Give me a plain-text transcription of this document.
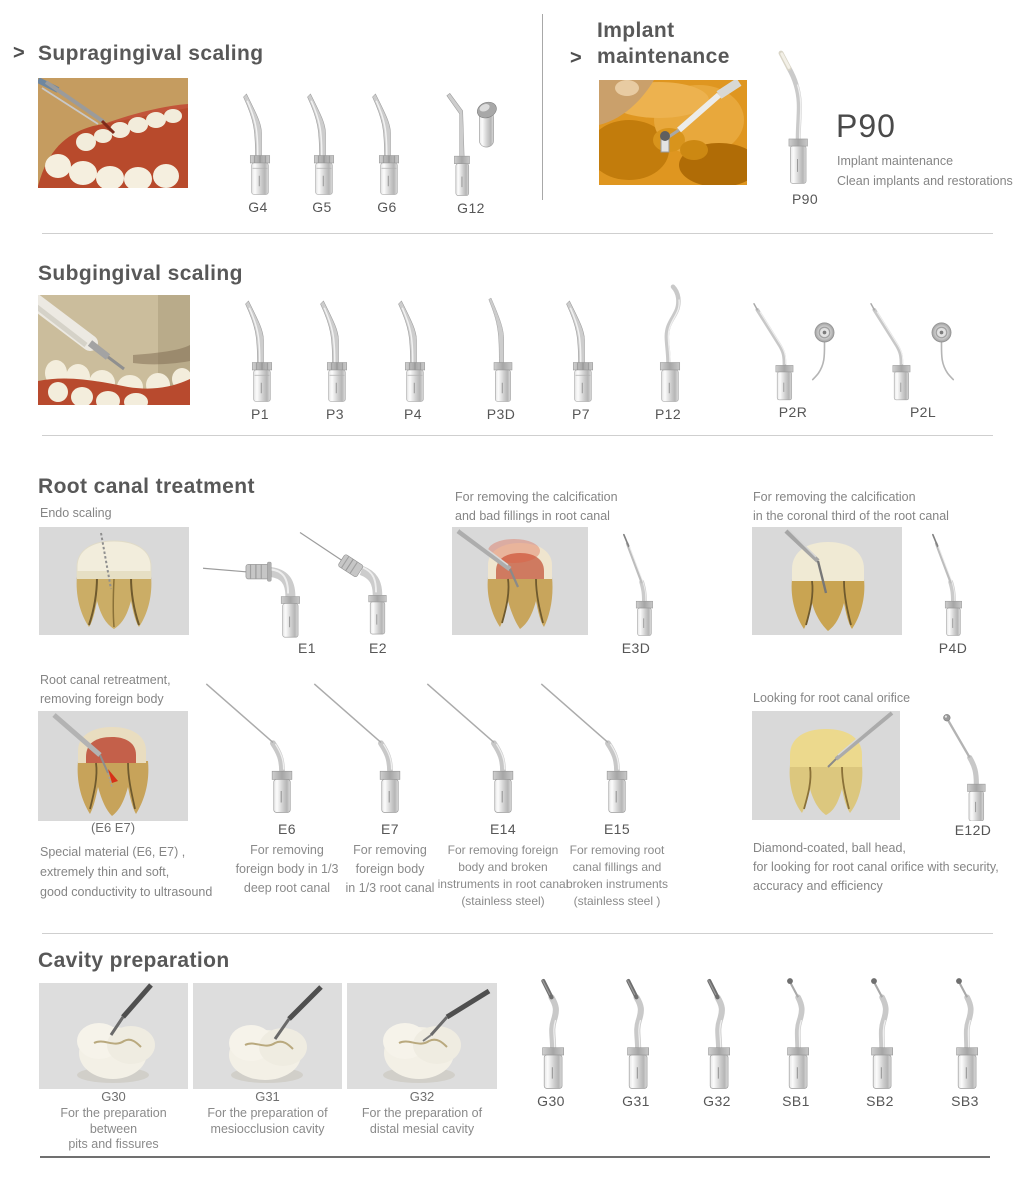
> Supragingival scaling
G4	G5	G6	G12
>
Implant
maintenance
P90
P90
Implant maintenance
Clean implants and restorations
Subgingival scaling
P1	P3	P4	P3D	P7	P12	P2R	P2L
Root canal treatment
Endo scaling
E1	E2
For removing the calcification
and bad fillings in root canal
E3D
For removing the calcification
in the coronal third of the root canal
P4D
Root canal retreatment,
removing foreign body
(E6 E7)
Special material (E6, E7) ,
extremely thin and soft,
good conductivity to ultrasound
E6
For removing
foreign body in 1/3
deep root canal
E7
For removing
foreign body
in 1/3 root canal
E14
For removing foreign
body and broken
instruments in root canal
(stainless steel)
E15
For removing root
canal fillings and
broken instruments
(stainless steel )
Looking for root canal orifice
E12D
Diamond-coated, ball head,
for looking for root canal orifice with security,
accuracy and efficiency
Cavity preparation
G30
For the preparation between
pits and fissures
G31
For the preparation of
mesiocclusion cavity
G32
For the preparation of
distal mesial cavity
G30	G31	G32	SB1	SB2	SB3
